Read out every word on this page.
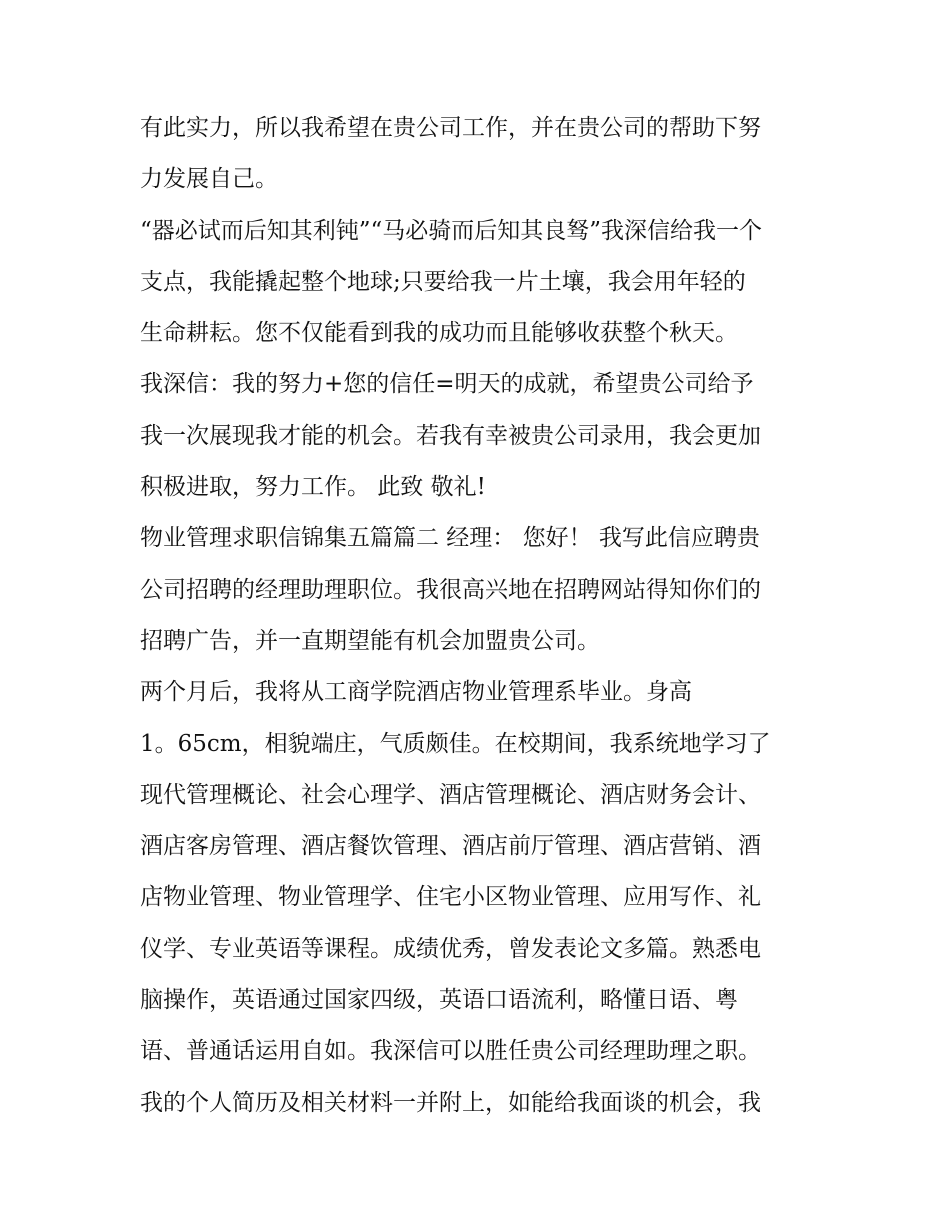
有此实力，所以我希望在贵公司工作，并在贵公司的帮助下努
力发展自己。
“器必试而后知其利钝”“马必骑而后知其良驽”我深信给我一个
支点，我能撬起整个地球;只要给我一片土壤，我会用年轻的
生命耕耘。您不仅能看到我的成功而且能够收获整个秋天。
我深信：我的努力+您的信任=明天的成就，希望贵公司给予
我一次展现我才能的机会。若我有幸被贵公司录用，我会更加
积极进取，努力工作。 此致 敬礼!
物业管理求职信锦集五篇篇二 经理： 您好！ 我写此信应聘贵
公司招聘的经理助理职位。我很高兴地在招聘网站得知你们的
招聘广告，并一直期望能有机会加盟贵公司。
两个月后，我将从工商学院酒店物业管理系毕业。身高
1。65cm，相貌端庄，气质颇佳。在校期间，我系统地学习了
现代管理概论、社会心理学、酒店管理概论、酒店财务会计、
酒店客房管理、酒店餐饮管理、酒店前厅管理、酒店营销、酒
店物业管理、物业管理学、住宅小区物业管理、应用写作、礼
仪学、专业英语等课程。成绩优秀，曾发表论文多篇。熟悉电
脑操作，英语通过国家四级，英语口语流利，略懂日语、粤
语、普通话运用自如。我深信可以胜任贵公司经理助理之职。
我的个人简历及相关材料一并附上，如能给我面谈的机会，我
